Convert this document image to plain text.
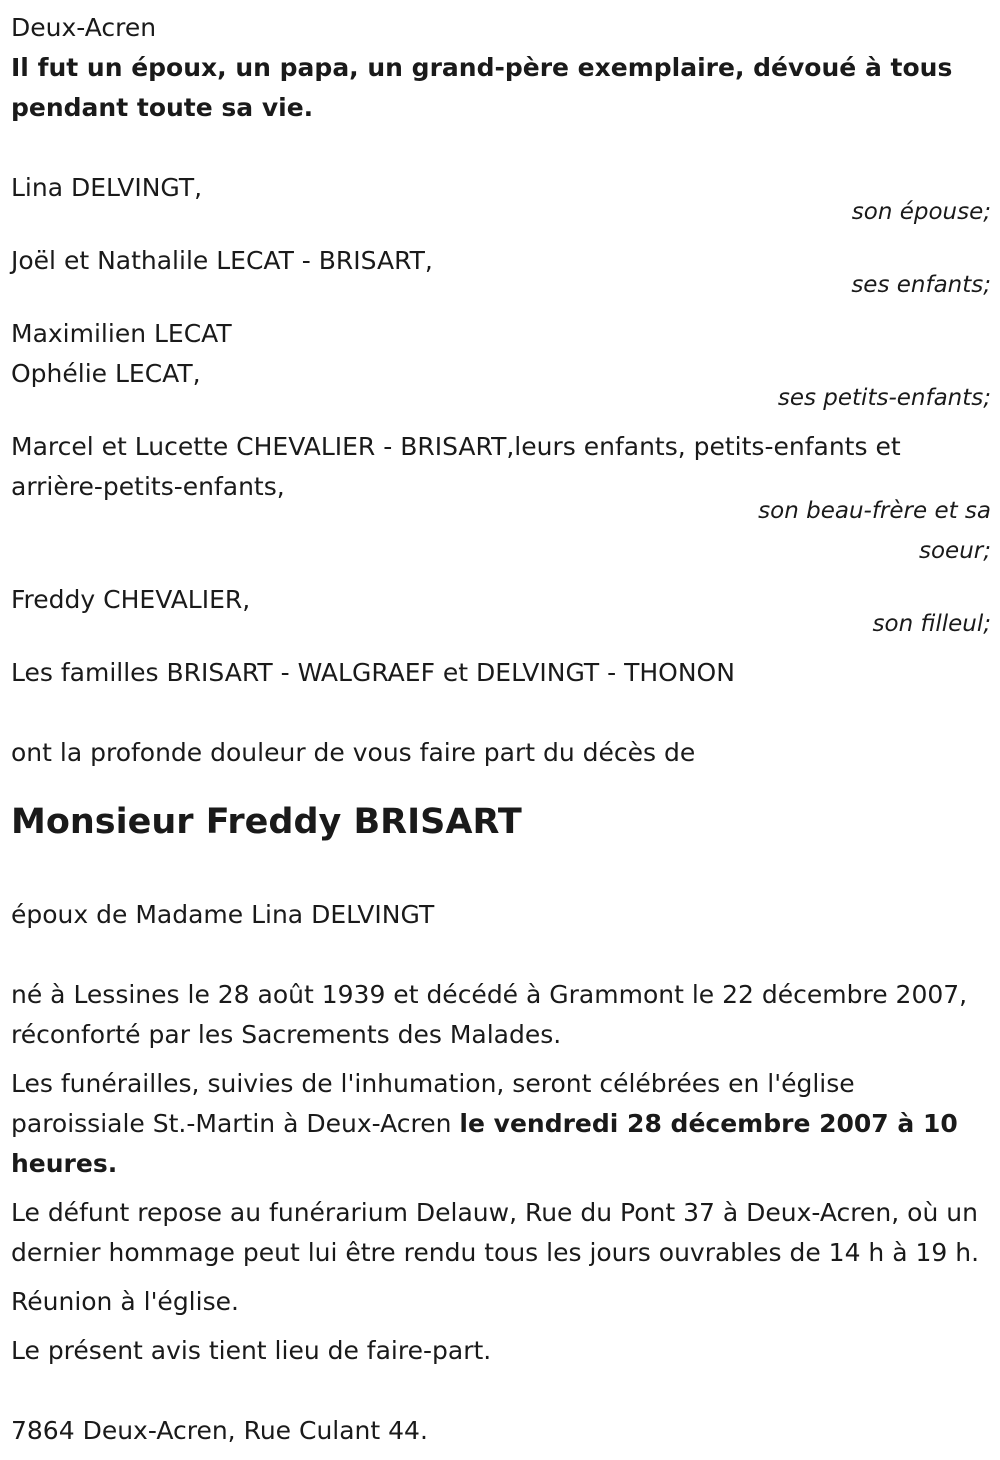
Deux-Acren

Il fut un époux, un papa, un grand-père exemplaire, dévoué à tous pendant toute sa vie.

Lina DELVINGT,

son épouse;

Joël et Nathalile LECAT - BRISART,

ses enfants;

Maximilien LECAT

Ophélie LECAT,

ses petits-enfants;

Marcel et Lucette CHEVALIER - BRISART,leurs enfants, petits-enfants et arrière-petits-enfants,

son beau-frère et sa soeur;

Freddy CHEVALIER,

son filleul;

Les familles BRISART - WALGRAEF et DELVINGT - THONON

ont la profonde douleur de vous faire part du décès de

Monsieur Freddy BRISART

époux de Madame Lina DELVINGT

né à Lessines le 28 août 1939 et décédé à Grammont le 22 décembre 2007, réconforté par les Sacrements des Malades.

Les funérailles, suivies de l'inhumation, seront célébrées en l'église paroissiale St.-Martin à Deux-Acren le vendredi 28 décembre 2007 à 10 heures.

Le défunt repose au funérarium Delauw, Rue du Pont 37 à Deux-Acren, où un dernier hommage peut lui être rendu tous les jours ouvrables de 14 h à 19 h.

Réunion à l'église.

Le présent avis tient lieu de faire-part.

7864 Deux-Acren, Rue Culant 44.
